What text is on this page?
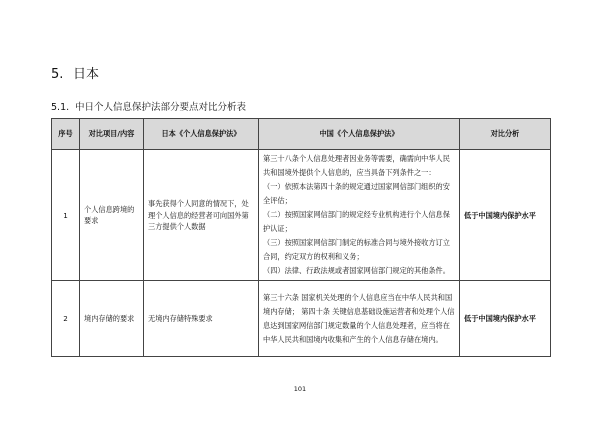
5. 日本
5.1. 中日个人信息保护法部分要点对比分析表
序号	对比项目/内容	日本《个人信息保护法》	中国《个人信息保护法》	对比分析
1	个人信息跨境的要求	事先获得个人同意的情况下，处理个人信息的经营者可向国外第三方提供个人数据	第三十八条个人信息处理者因业务等需要，确需向中华人民共和国境外提供个人信息的，应当具备下列条件之一：

（一）依照本法第四十条的规定通过国家网信部门组织的安全评估；

（二）按照国家网信部门的规定经专业机构进行个人信息保护认证；

（三）按照国家网信部门制定的标准合同与境外接收方订立合同，约定双方的权利和义务；

（四）法律、行政法规或者国家网信部门规定的其他条件。	低于中国境内保护水平
2	境内存储的要求	无境内存储特殊要求	第三十六条 国家机关处理的个人信息应当在中华人民共和国境内存储； 第四十条 关键信息基础设施运营者和处理个人信息达到国家网信部门规定数量的个人信息处理者，应当将在中华人民共和国境内收集和产生的个人信息存储在境内。	低于中国境内保护水平
101
